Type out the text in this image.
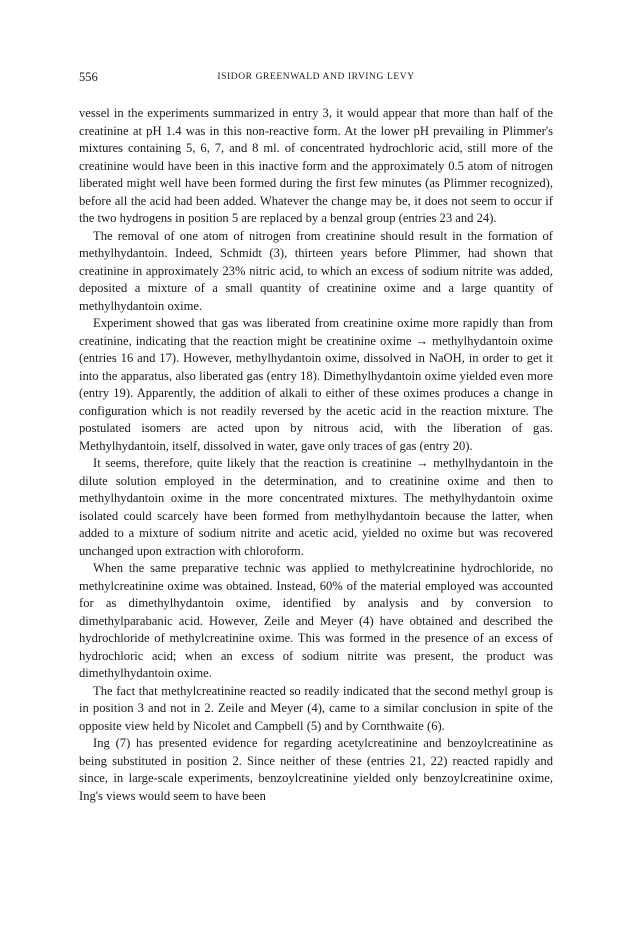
556	ISIDOR GREENWALD AND IRVING LEVY

vessel in the experiments summarized in entry 3, it would appear that more than half of the creatinine at pH 1.4 was in this non-reactive form. At the lower pH prevailing in Plimmer's mixtures containing 5, 6, 7, and 8 ml. of concentrated hydrochloric acid, still more of the creatinine would have been in this inactive form and the approximately 0.5 atom of nitrogen liberated might well have been formed during the first few minutes (as Plimmer recognized), before all the acid had been added. Whatever the change may be, it does not seem to occur if the two hydrogens in position 5 are replaced by a benzal group (entries 23 and 24).

The removal of one atom of nitrogen from creatinine should result in the formation of methylhydantoin. Indeed, Schmidt (3), thirteen years before Plimmer, had shown that creatinine in approximately 23% nitric acid, to which an excess of sodium nitrite was added, deposited a mixture of a small quantity of creatinine oxime and a large quantity of methylhydantoin oxime.

Experiment showed that gas was liberated from creatinine oxime more rapidly than from creatinine, indicating that the reaction might be creatinine oxime → methylhydantoin oxime (entries 16 and 17). However, methylhydantoin oxime, dissolved in NaOH, in order to get it into the apparatus, also liberated gas (entry 18). Dimethylhydantoin oxime yielded even more (entry 19). Apparently, the addition of alkali to either of these oximes produces a change in configuration which is not readily reversed by the acetic acid in the reaction mixture. The postulated isomers are acted upon by nitrous acid, with the liberation of gas. Methylhydantoin, itself, dissolved in water, gave only traces of gas (entry 20).

It seems, therefore, quite likely that the reaction is creatinine → methylhydantoin in the dilute solution employed in the determination, and to creatinine oxime and then to methylhydantoin oxime in the more concentrated mixtures. The methylhydantoin oxime isolated could scarcely have been formed from methylhydantoin because the latter, when added to a mixture of sodium nitrite and acetic acid, yielded no oxime but was recovered unchanged upon extraction with chloroform.

When the same preparative technic was applied to methylcreatinine hydrochloride, no methylcreatinine oxime was obtained. Instead, 60% of the material employed was accounted for as dimethylhydantoin oxime, identified by analysis and by conversion to dimethylparabanic acid. However, Zeile and Meyer (4) have obtained and described the hydrochloride of methylcreatinine oxime. This was formed in the presence of an excess of hydrochloric acid; when an excess of sodium nitrite was present, the product was dimethylhydantoin oxime.

The fact that methylcreatinine reacted so readily indicated that the second methyl group is in position 3 and not in 2. Zeile and Meyer (4), came to a similar conclusion in spite of the opposite view held by Nicolet and Campbell (5) and by Cornthwaite (6).

Ing (7) has presented evidence for regarding acetylcreatinine and benzoylcreatinine as being substituted in position 2. Since neither of these (entries 21, 22) reacted rapidly and since, in large-scale experiments, benzoylcreatinine yielded only benzoylcreatinine oxime, Ing's views would seem to have been
